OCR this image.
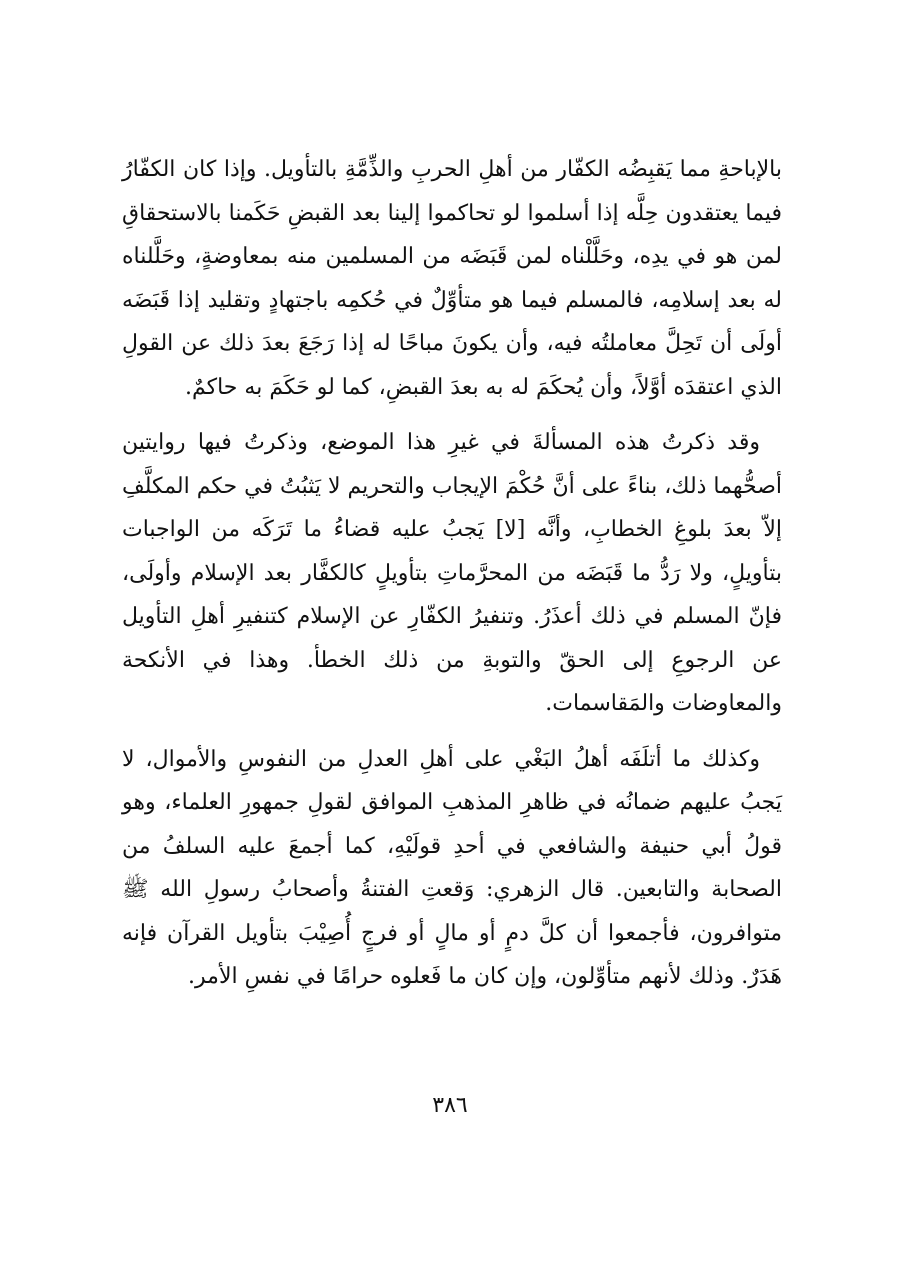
بالإباحةِ مما يَقبِضُه الكفّار من أهلِ الحربِ والذِّمَّةِ بالتأويل. وإذا كان الكفّارُ فيما يعتقدون حِلَّه إذا أسلموا لو تحاكموا إلينا بعد القبضِ حَكَمنا بالاستحقاقِ لمن هو في يدِه، وحَلَّلْناه لمن قَبَضَه من المسلمين منه بمعاوضةٍ، وحَلَّلناه له بعد إسلامِه، فالمسلم فيما هو متأوِّلٌ في حُكمِه باجتهادٍ وتقليد إذا قَبَضَه أولَى أن تَحِلَّ معاملتُه فيه، وأن يكونَ مباحًا له إذا رَجَعَ بعدَ ذلك عن القولِ الذي اعتقدَه أوَّلاً، وأن يُحكَمَ له به بعدَ القبضِ، كما لو حَكَمَ به حاكمٌ.

وقد ذكرتُ هذه المسألةَ في غيرِ هذا الموضع، وذكرتُ فيها روايتين أصحُّهما ذلك، بناءً على أنَّ حُكْمَ الإيجاب والتحريم لا يَثبُتُ في حكم المكلَّفِ إلاّ بعدَ بلوغِ الخطابِ، وأنَّه [لا] يَجبُ عليه قضاءُ ما تَرَكَه من الواجبات بتأويلٍ، ولا رَدُّ ما قَبَضَه من المحرَّماتِ بتأويلٍ كالكفَّار بعد الإسلام وأولَى، فإنّ المسلم في ذلك أعذَرُ. وتنفيرُ الكفّارِ عن الإسلام كتنفيرِ أهلِ التأويل عن الرجوعِ إلى الحقّ والتوبةِ من ذلك الخطأ. وهذا في الأنكحة والمعاوضات والمَقاسمات.

وكذلك ما أتلَفَه أهلُ البَغْي على أهلِ العدلِ من النفوسِ والأموال، لا يَجبُ عليهم ضمانُه في ظاهرِ المذهبِ الموافق لقولِ جمهورِ العلماء، وهو قولُ أبي حنيفة والشافعي في أحدِ قولَيْهِ، كما أجمعَ عليه السلفُ من الصحابة والتابعين. قال الزهري: وَقعتِ الفتنةُ وأصحابُ رسولِ الله ﷺ متوافرون، فأجمعوا أن كلَّ دمٍ أو مالٍ أو فرجٍ أُصِيْبَ بتأويل القرآن فإنه هَدَرٌ. وذلك لأنهم متأوِّلون، وإن كان ما فَعلوه حرامًا في نفسِ الأمر.

٣٨٦
